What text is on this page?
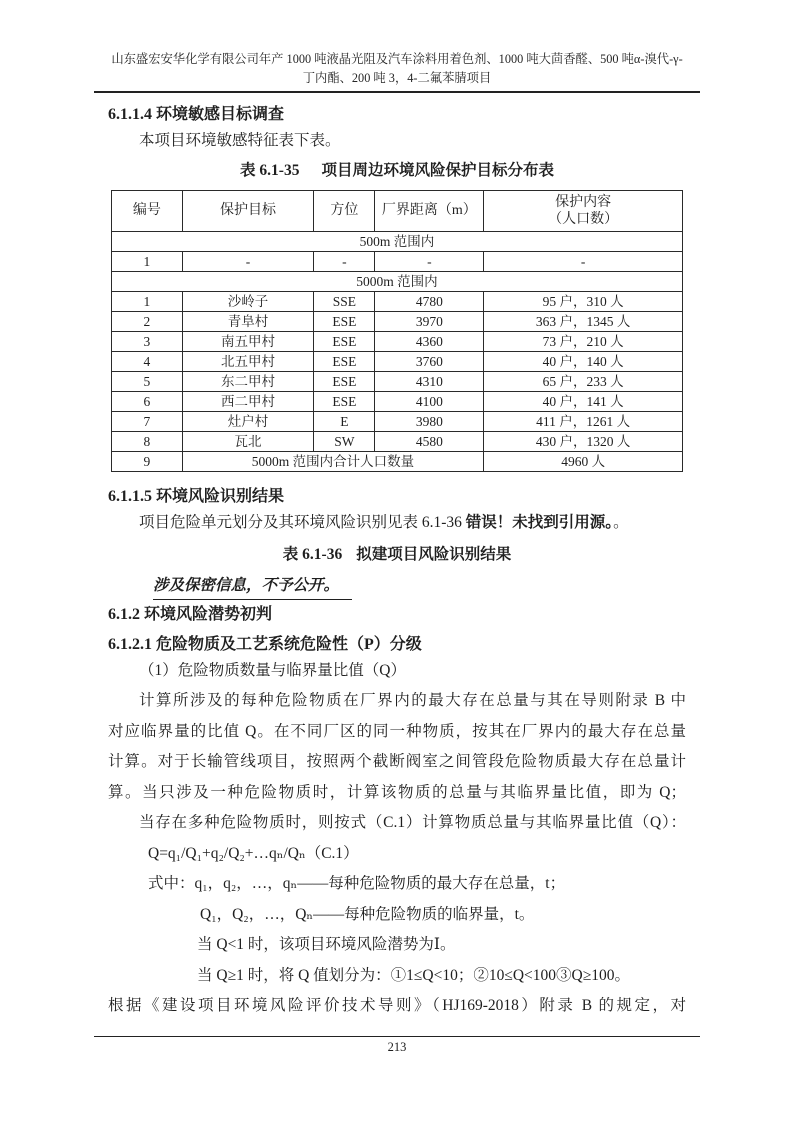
山东盛宏安华化学有限公司年产 1000 吨液晶光阻及汽车涂料用着色剂、1000 吨大茴香醛、500 吨α-溴代-γ-
丁内酯、200 吨 3，4-二氟苯腈项目
6.1.1.4 环境敏感目标调查

本项目环境敏感特征表下表。

表 6.1-35 项目周边环境风险保护目标分布表
编号	保护目标	方位	厂界距离（m）	保护内容
（人口数）

500m 范围内				
1	-	-	-	-
5000m 范围内				
1	沙岭子	SSE	4780	95 户，310 人
2	青阜村	ESE	3970	363 户，1345 人
3	南五甲村	ESE	4360	73 户，210 人
4	北五甲村	ESE	3760	40 户，140 人
5	东二甲村	ESE	4310	65 户，233 人
6	西二甲村	ESE	4100	40 户，141 人
7	灶户村	E	3980	411 户，1261 人
8	瓦北	SW	4580	430 户，1320 人
9	5000m 范围内合计人口数量			4960 人
6.1.1.5 环境风险识别结果

项目危险单元划分及其环境风险识别见表 6.1-36 错误！未找到引用源。。

表 6.1-36 拟建项目风险识别结果

涉及保密信息，不予公开。

6.1.2 环境风险潜势初判
6.1.2.1 危险物质及工艺系统危险性（P）分级

（1）危险物质数量与临界量比值（Q）

计算所涉及的每种危险物质在厂界内的最大存在总量与其在导则附录 B 中
对应临界量的比值 Q。在不同厂区的同一种物质，按其在厂界内的最大存在总量
计算。对于长输管线项目，按照两个截断阀室之间管段危险物质最大存在总量计
算。当只涉及一种危险物质时，计算该物质的总量与其临界量比值，即为 Q；
当存在多种危险物质时，则按式（C.1）计算物质总量与其临界量比值（Q）：
Q=q₁/Q₁+q₂/Q₂+…qₙ/Qₙ（C.1）
式中：q₁，q₂，…，qₙ——每种危险物质的最大存在总量，t；
Q₁，Q₂，…，Qₙ——每种危险物质的临界量，t。
当 Q<1 时，该项目环境风险潜势为Ⅰ。
当 Q≥1 时，将 Q 值划分为：①1≤Q<10；②10≤Q<100③Q≥100。
根据《建设项目环境风险评价技术导则》（HJ169-2018）附录 B 的规定，对
213
